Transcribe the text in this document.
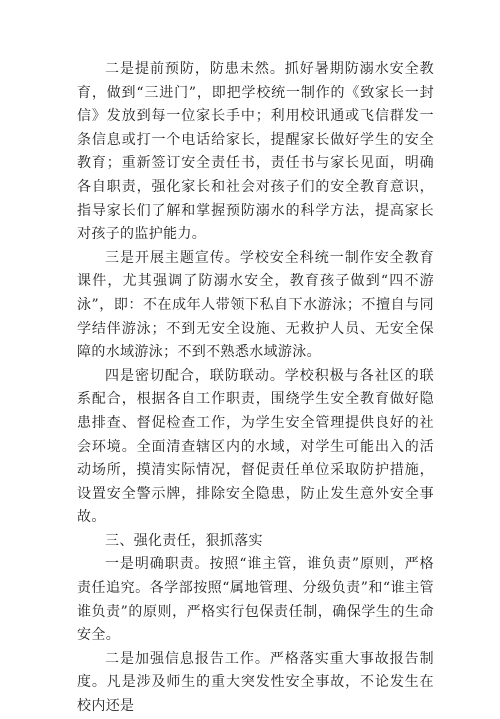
二是提前预防，防患未然。抓好暑期防溺水安全教育，做到“三进门”，即把学校统一制作的《致家长一封信》发放到每一位家长手中；利用校讯通或飞信群发一条信息或打一个电话给家长，提醒家长做好学生的安全教育；重新签订安全责任书，责任书与家长见面，明确各自职责，强化家长和社会对孩子们的安全教育意识，指导家长们了解和掌握预防溺水的科学方法，提高家长对孩子的监护能力。

三是开展主题宣传。学校安全科统一制作安全教育课件，尤其强调了防溺水安全，教育孩子做到“四不游泳”，即：不在成年人带领下私自下水游泳；不擅自与同学结伴游泳；不到无安全设施、无救护人员、无安全保障的水域游泳；不到不熟悉水域游泳。

四是密切配合，联防联动。学校积极与各社区的联系配合，根据各自工作职责，围绕学生安全教育做好隐患排查、督促检查工作，为学生安全管理提供良好的社会环境。全面清查辖区内的水域，对学生可能出入的活动场所，摸清实际情况，督促责任单位采取防护措施，设置安全警示牌，排除安全隐患，防止发生意外安全事故。

三、强化责任，狠抓落实

一是明确职责。按照“谁主管，谁负责”原则，严格责任追究。各学部按照“属地管理、分级负责”和“谁主管谁负责”的原则，严格实行包保责任制，确保学生的生命安全。

二是加强信息报告工作。严格落实重大事故报告制度。凡是涉及师生的重大突发性安全事故，不论发生在校内还是
